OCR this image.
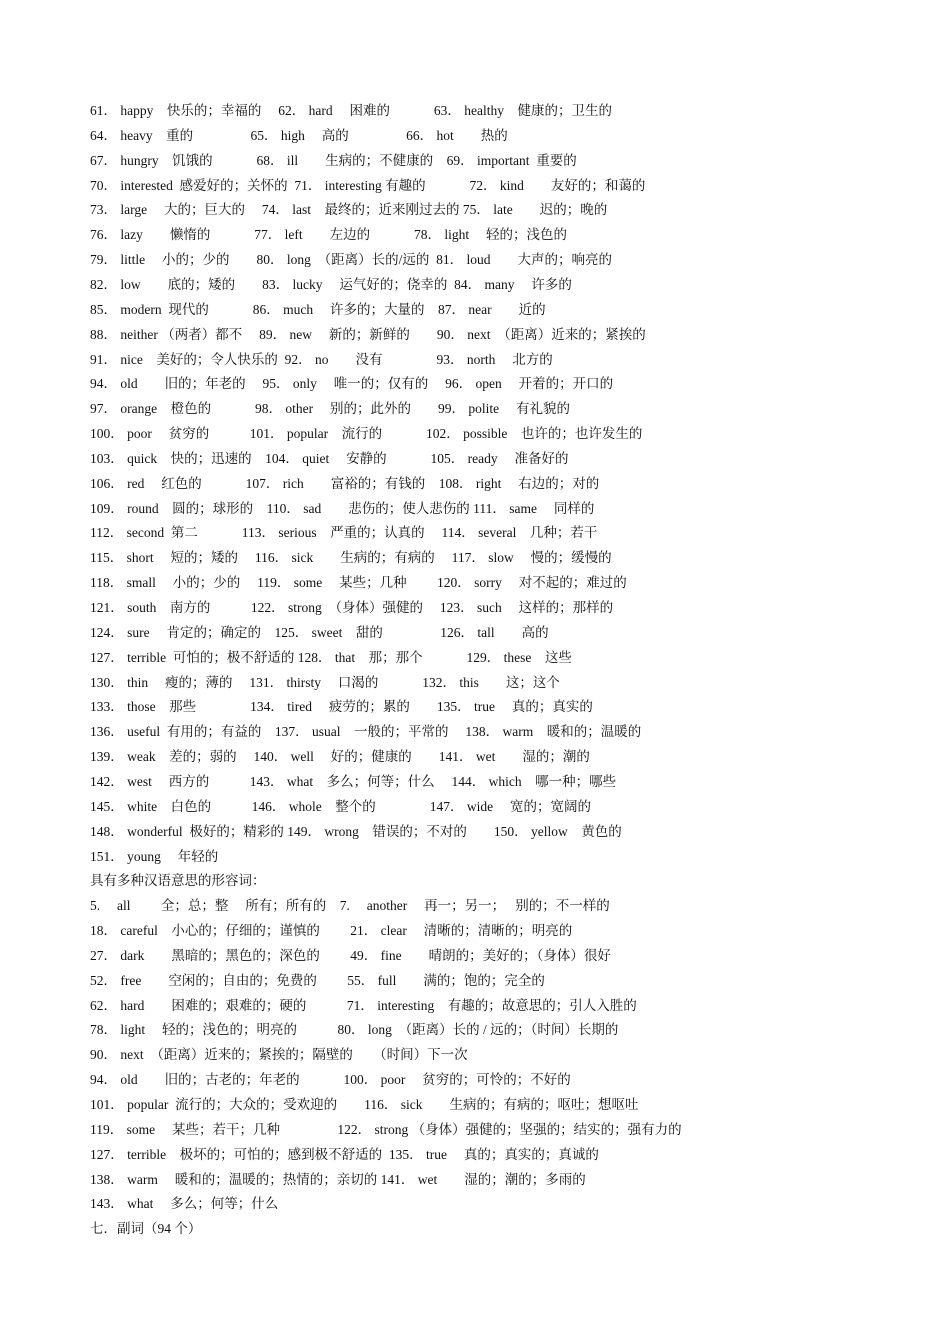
61． happy　快乐的；幸福的　 62． hard　 困难的　　　 63． healthy　健康的；卫生的
64． heavy　重的　　　　 65． high　 高的　　　　 66． hot　　热的
67． hungry　饥饿的　　　 68． ill　　生病的；不健康的　69． important  重要的
70． interested  感爱好的；关怀的  71． interesting 有趣的　　　 72． kind　　友好的；和蔼的
73． large　 大的；巨大的　 74． last　最终的；近来刚过去的 75． late　　迟的；晚的
76． lazy　　懒惰的　　　 77． left　　左边的　　　 78． light　 轻的；浅色的
79． little　 小的；少的　　80． long　（距离）长的/远的  81． loud　　大声的；响亮的
82． low　　底的；矮的　　83． lucky　 运气好的；侥幸的  84． many　 许多的
85． modern  现代的　　　 86． much　 许多的；大量的　87． near　　近的
88． neither （两者）都不　 89． new　 新的；新鲜的　　90． next　（距离）近来的；紧挨的
91． nice　美好的；令人快乐的  92． no　　没有　　　　93． north　 北方的
94． old　　旧的；年老的　 95． only　 唯一的；仅有的　 96． open　 开着的；开口的
97． orange　橙色的　　　 98． other　 别的；此外的　　99． polite　 有礼貌的
100． poor　 贫穷的　　　101． popular　流行的　　　 102． possible　也许的；也许发生的
103． quick　快的；迅速的　104． quiet　 安静的　　　 105． ready　 准备好的
106． red　 红色的　　　 107． rich　　富裕的；有钱的　108． right　 右边的；对的
109． round　圆的；球形的　110． sad　　悲伤的；使人悲伤的 111． same　 同样的
112． second  第二　　　 113． serious　严重的；认真的　 114． several　几种；若干
115． short　 短的；矮的　 116． sick　　生病的；有病的　 117． slow　 慢的；缓慢的
118． small　 小的；少的　 119． some　 某些；几种　　 120． sorry　 对不起的；难过的
121． south　南方的　　　122． strong　（身体）强健的　 123． such　 这样的；那样的
124． sure　 肯定的；确定的　125． sweet　甜的　　　　 126． tall　　高的
127． terrible  可怕的；极不舒适的 128． that　那；那个　　　 129． these　这些
130． thin　 瘦的；薄的　 131． thirsty　 口渴的　　　 132． this　　这；这个
133． those　那些　　　　134． tired　 疲劳的；累的　　135． true　 真的；真实的
136． useful  有用的；有益的　137． usual　一般的；平常的　 138． warm　暖和的；温暖的
139． weak　差的；弱的　 140． well　 好的；健康的　　141． wet　　湿的；潮的
142． west　 西方的　　　143． what　多么；何等；什么　 144． which　哪一种；哪些
145． white　白色的　　　146． whole　整个的　　　　147． wide　 宽的；宽阔的
148． wonderful  极好的；精彩的 149． wrong　错误的；不对的　　150． yellow　黄色的
151． young　 年轻的
具有多种汉语意思的形容词：
5.　 all　　 全；总；整　 所有；所有的　7.　 another　 再一；另一；　 别的；不一样的
18． careful　小心的；仔细的；谨慎的　　 21． clear　 清晰的；清晰的；明亮的
27． dark　　黑暗的；黑色的；深色的　　 49． fine　　晴朗的；美好的；（身体）很好
52． free　　空闲的；自由的；免费的　　 55． full　　满的；饱的；完全的
62． hard　　困难的；艰难的；硬的　　　71． interesting　有趣的；故意思的；引人入胜的
78． light　 轻的；浅色的；明亮的　　　80． long　（距离）长的 / 远的；（时间）长期的
90． next　（距离）近来的；紧挨的；隔壁的　　（时间）下一次
94． old　　旧的；古老的；年老的　　　 100． poor　 贫穷的；可怜的；不好的
101． popular  流行的；大众的；受欢迎的　　116． sick　　生病的；有病的；呕吐；想呕吐
119． some　 某些；若干；几种　　　　 122． strong （身体）强健的；坚强的；结实的；强有力的
127． terrible　极坏的；可怕的；感到极不舒适的  135． true　 真的；真实的；真诚的
138． warm　 暖和的；温暖的；热情的；亲切的 141． wet　　湿的；潮的；多雨的
143． what　 多么；何等；什么
七．副词（94 个）
